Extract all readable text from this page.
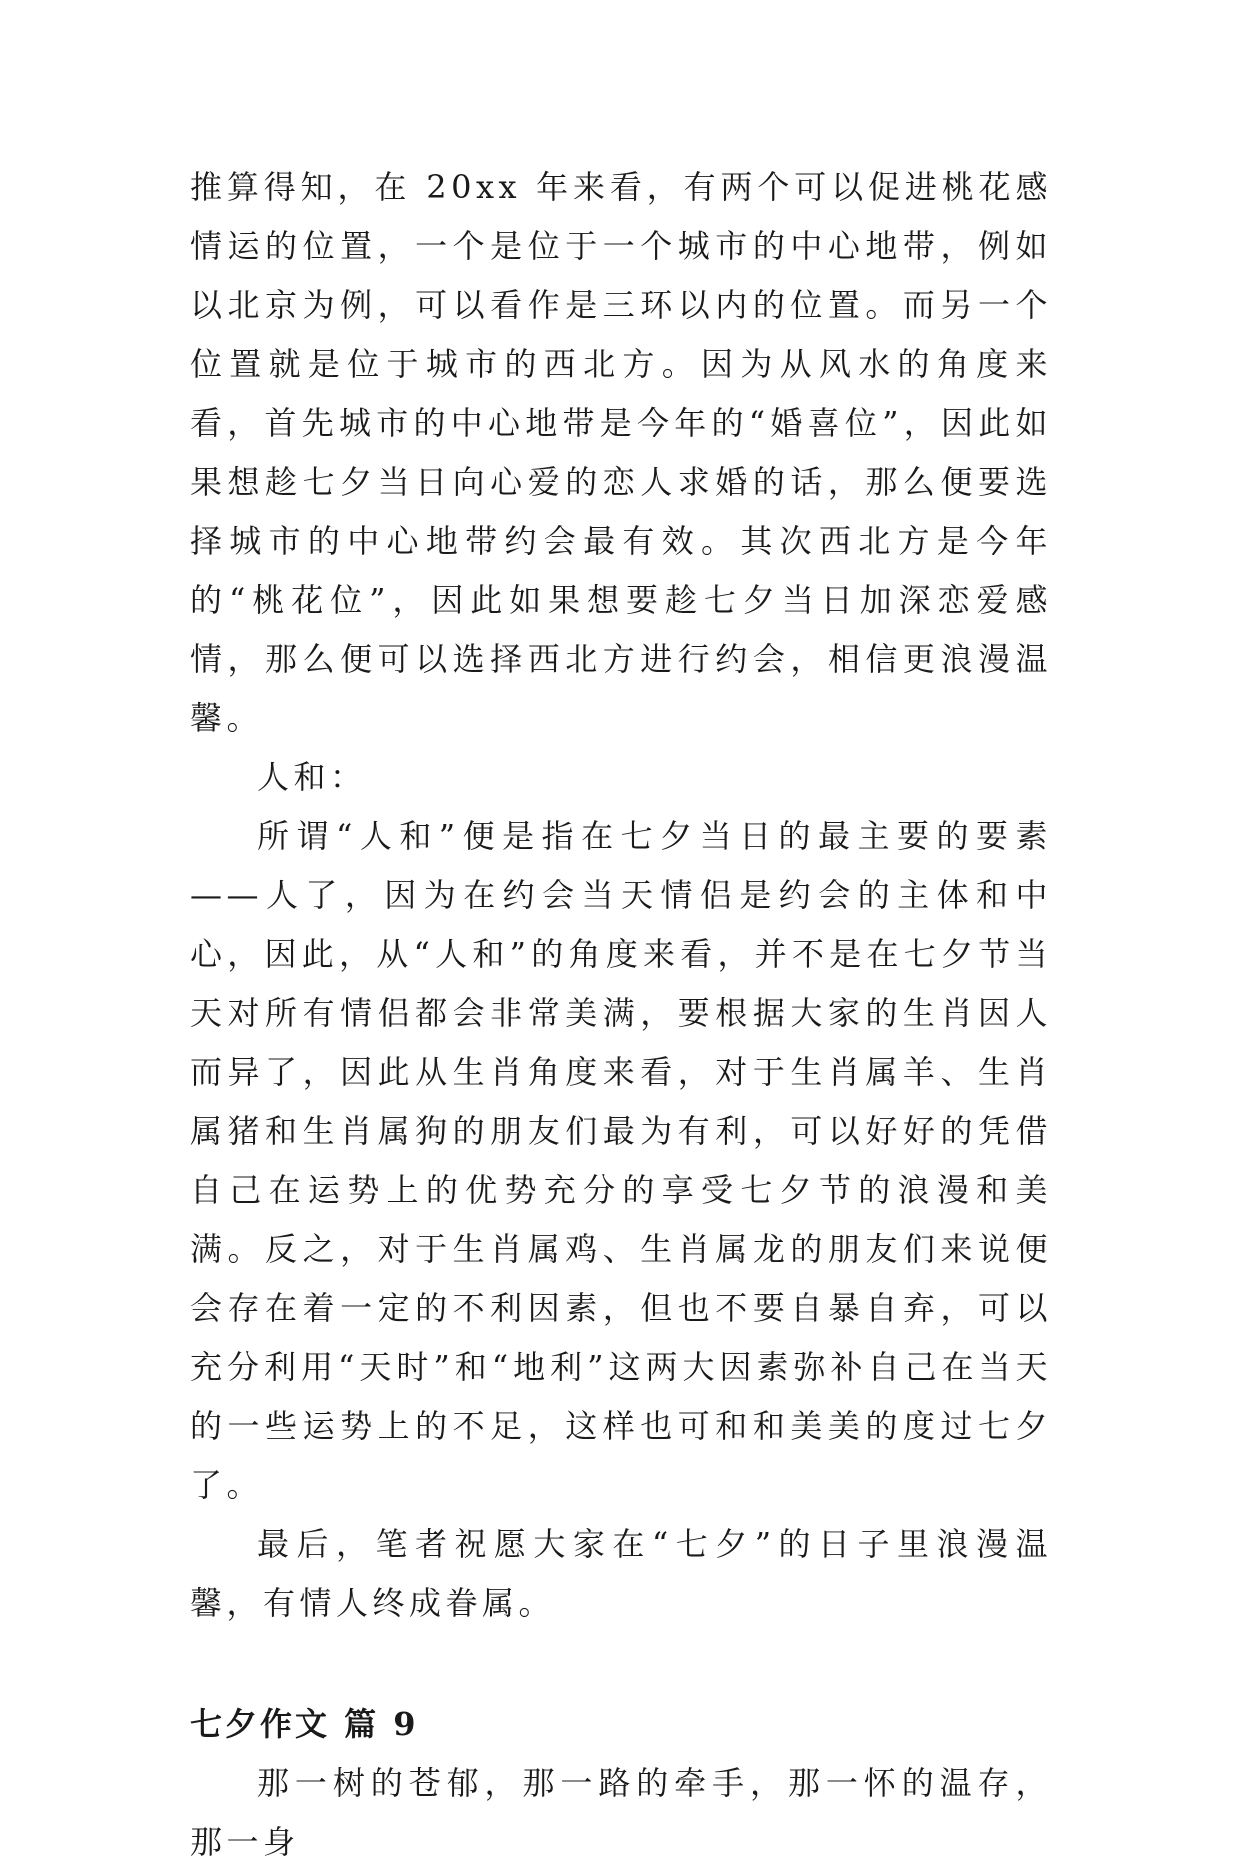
推算得知，在 20xx 年来看，有两个可以促进桃花感情运的位置，一个是位于一个城市的中心地带，例如以北京为例，可以看作是三环以内的位置。而另一个位置就是位于城市的西北方。因为从风水的角度来看，首先城市的中心地带是今年的“婚喜位”，因此如果想趁七夕当日向心爱的恋人求婚的话，那么便要选择城市的中心地带约会最有效。其次西北方是今年的“桃花位”，因此如果想要趁七夕当日加深恋爱感情，那么便可以选择西北方进行约会，相信更浪漫温馨。

人和：

所谓“人和”便是指在七夕当日的最主要的要素——人了，因为在约会当天情侣是约会的主体和中心，因此，从“人和”的角度来看，并不是在七夕节当天对所有情侣都会非常美满，要根据大家的生肖因人而异了，因此从生肖角度来看，对于生肖属羊、生肖属猪和生肖属狗的朋友们最为有利，可以好好的凭借自己在运势上的优势充分的享受七夕节的浪漫和美满。反之，对于生肖属鸡、生肖属龙的朋友们来说便会存在着一定的不利因素，但也不要自暴自弃，可以充分利用“天时”和“地利”这两大因素弥补自己在当天的一些运势上的不足，这样也可和和美美的度过七夕了。

最后，笔者祝愿大家在“七夕”的日子里浪漫温馨，有情人终成眷属。

七夕作文 篇 9

那一树的苍郁，那一路的牵手，那一怀的温存，那一身
